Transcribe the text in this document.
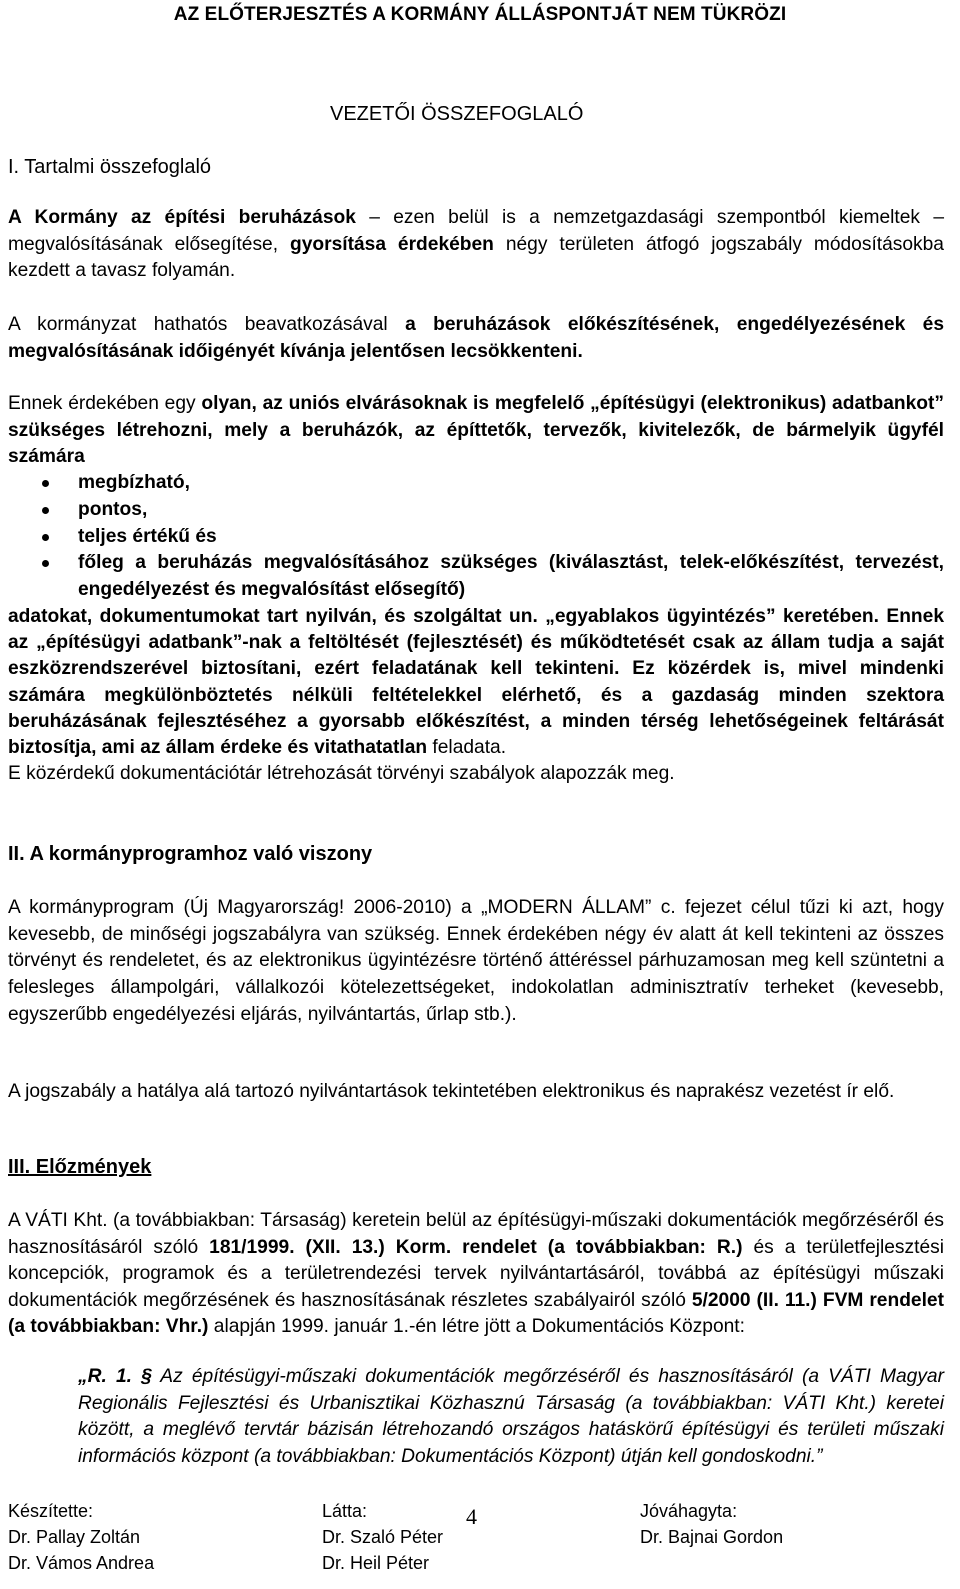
AZ ELŐTERJESZTÉS A KORMÁNY ÁLLÁSPONTJÁT NEM TÜKRÖZI
VEZETŐI ÖSSZEFOGLALÓ
I. Tartalmi összefoglaló

A Kormány az építési beruházások – ezen belül is a nemzetgazdasági szempontból kiemeltek – megvalósításának elősegítése, gyorsítása érdekében négy területen átfogó jogszabály módosításokba kezdett a tavasz folyamán.

A kormányzat hathatós beavatkozásával a beruházások előkészítésének, engedélyezésének és megvalósításának időigényét kívánja jelentősen lecsökkenteni.

Ennek érdekében egy olyan, az uniós elvárásoknak is megfelelő „építésügyi (elektronikus) adatbankot” szükséges létrehozni, mely a beruházók, az építtetők, tervezők, kivitelezők, de bármelyik ügyfél számára

megbízható,
pontos,
teljes értékű és
főleg a beruházás megvalósításához szükséges (kiválasztást, telek-előkészítést, tervezést, engedélyezést és megvalósítást elősegítő)

adatokat, dokumentumokat tart nyilván, és szolgáltat un. „egyablakos ügyintézés” keretében. Ennek az „építésügyi adatbank”-nak a feltöltését (fejlesztését) és működtetését csak az állam tudja a saját eszközrendszerével biztosítani, ezért feladatának kell tekinteni. Ez közérdek is, mivel mindenki számára megkülönböztetés nélküli feltételekkel elérhető, és a gazdaság minden szektora beruházásának fejlesztéséhez a gyorsabb előkészítést, a minden térség lehetőségeinek feltárását biztosítja, ami az állam érdeke és vitathatatlan feladata.
E közérdekű dokumentációtár létrehozását törvényi szabályok alapozzák meg.

II. A kormányprogramhoz való viszony

A kormányprogram (Új Magyarország! 2006-2010) a „MODERN ÁLLAM” c. fejezet célul tűzi ki azt, hogy kevesebb, de minőségi jogszabályra van szükség. Ennek érdekében négy év alatt át kell tekinteni az összes törvényt és rendeletet, és az elektronikus ügyintézésre történő áttéréssel párhuzamosan meg kell szüntetni a felesleges állampolgári, vállalkozói kötelezettségeket, indokolatlan adminisztratív terheket (kevesebb, egyszerűbb engedélyezési eljárás, nyilvántartás, űrlap stb.).

A jogszabály a hatálya alá tartozó nyilvántartások tekintetében elektronikus és naprakész vezetést ír elő.

III. Előzmények

A VÁTI Kht. (a továbbiakban: Társaság) keretein belül az építésügyi-műszaki dokumentációk megőrzéséről és hasznosításáról szóló 181/1999. (XII. 13.) Korm. rendelet (a továbbiakban: R.) és a területfejlesztési koncepciók, programok és a területrendezési tervek nyilvántartásáról, továbbá az építésügyi műszaki dokumentációk megőrzésének és hasznosításának részletes szabályairól szóló 5/2000 (II. 11.) FVM rendelet (a továbbiakban: Vhr.) alapján 1999. január 1.-én létre jött a Dokumentációs Központ:

„R. 1. § Az építésügyi-műszaki dokumentációk megőrzéséről és hasznosításáról (a VÁTI Magyar Regionális Fejlesztési és Urbanisztikai Közhasznú Társaság (a továbbiakban: VÁTI Kht.) keretei között, a meglévő tervtár bázisán létrehozandó országos hatáskörű építésügyi és területi műszaki információs központ (a továbbiakban: Dokumentációs Központ) útján kell gondoskodni.”

Készítette:
Dr. Pallay Zoltán
Dr. Vámos Andrea
Látta:
Dr. Szaló Péter
Dr. Heil Péter
Jóváhagyta:
Dr. Bajnai Gordon
4
